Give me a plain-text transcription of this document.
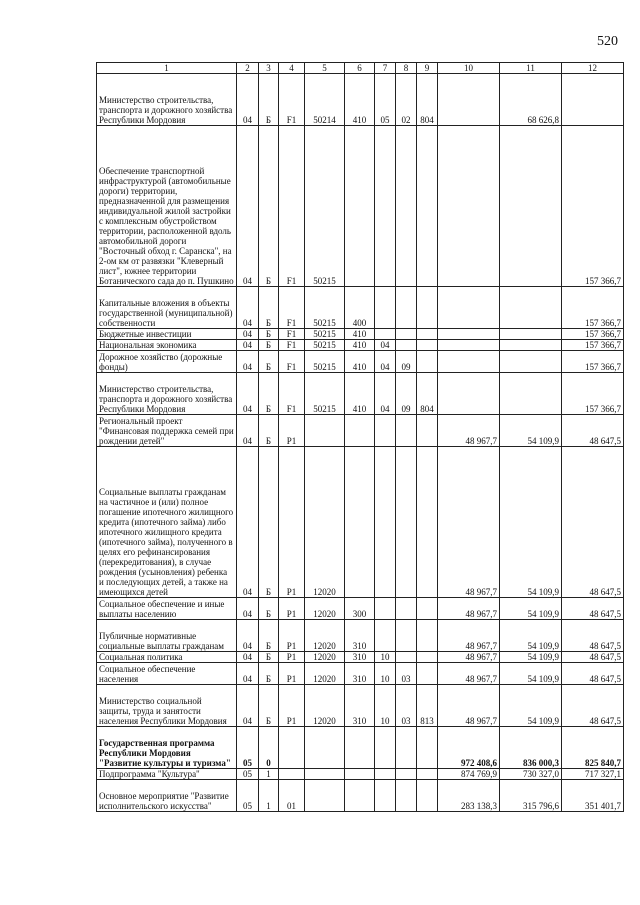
520
1	2	3	4	5	6	7	8	9	10	11	12
Министерство строительства, транспорта и дорожного хозяйства Республики Мордовия	04	Б	F1	50214	410	05	02	804		68 626,8	
Обеспечение транспортной инфраструктурой (автомобильные дороги) территории, предназначенной для размещения индивидуальной жилой застройки с комплексным обустройством территории, расположенной вдоль автомобильной дороги "Восточный обход г. Саранска", на 2-ом км от развязки "Клеверный лист", южнее территории Ботанического сада до п. Пушкино	04	Б	F1	50215							157 366,7
Капитальные вложения в объекты государственной (муниципальной) собственности	04	Б	F1	50215	400						157 366,7
Бюджетные инвестиции	04	Б	F1	50215	410						157 366,7
Национальная экономика	04	Б	F1	50215	410	04					157 366,7
Дорожное хозяйство (дорожные фонды)	04	Б	F1	50215	410	04	09				157 366,7
Министерство строительства, транспорта и дорожного хозяйства Республики Мордовия	04	Б	F1	50215	410	04	09	804			157 366,7
Региональный проект "Финансовая поддержка семей при рождении детей"	04	Б	P1						48 967,7	54 109,9	48 647,5
Социальные выплаты гражданам на частичное и (или) полное погашение ипотечного жилищного кредита (ипотечного займа) либо ипотечного жилищного кредита (ипотечного займа), полученного в целях его рефинансирования (перекредитования), в случае рождения (усыновления) ребенка и последующих детей, а также на имеющихся детей	04	Б	P1	12020					48 967,7	54 109,9	48 647,5
Социальное обеспечение и иные выплаты населению	04	Б	P1	12020	300				48 967,7	54 109,9	48 647,5
Публичные нормативные социальные выплаты гражданам	04	Б	P1	12020	310				48 967,7	54 109,9	48 647,5
Социальная политика	04	Б	P1	12020	310	10			48 967,7	54 109,9	48 647,5
Социальное обеспечение населения	04	Б	P1	12020	310	10	03		48 967,7	54 109,9	48 647,5
Министерство социальной защиты, труда и занятости населения Республики Мордовия	04	Б	P1	12020	310	10	03	813	48 967,7	54 109,9	48 647,5
Государственная программа Республики Мордовия "Развитие культуры и туризма"	05	0							972 408,6	836 000,3	825 840,7
Подпрограмма "Культура"	05	1							874 769,9	730 327,0	717 327,1
Основное мероприятие "Развитие исполнительского искусства"	05	1	01						283 138,3	315 796,6	351 401,7
